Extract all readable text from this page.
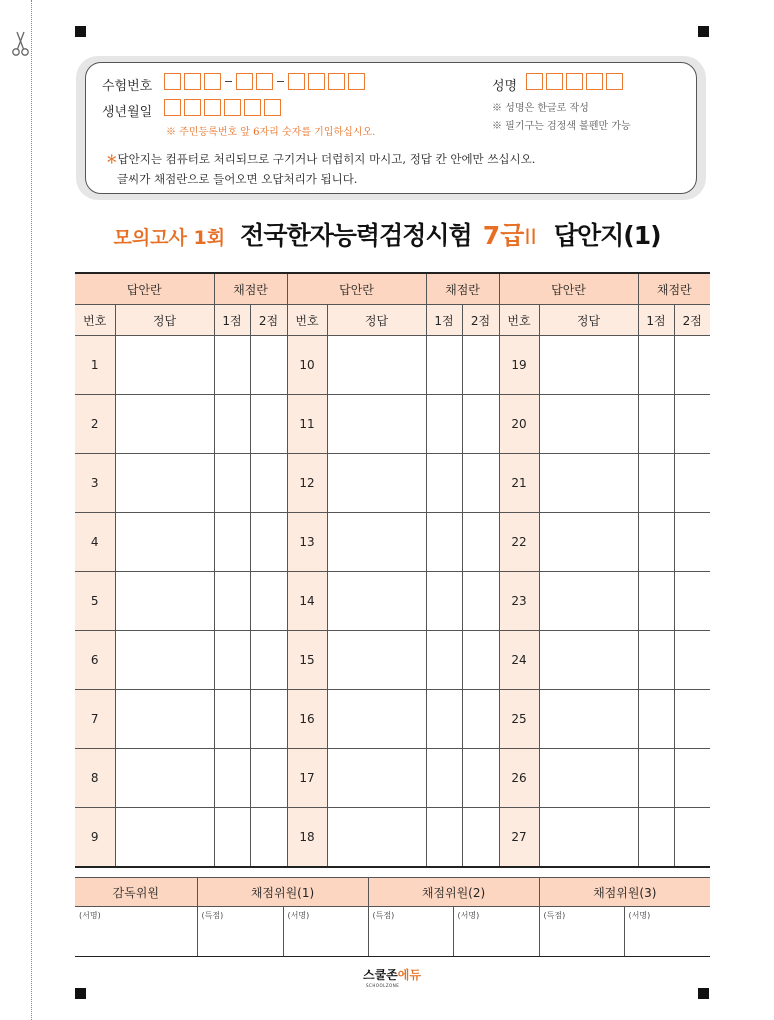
수험번호	성명
생년월일
※ 주민등록번호 앞 6자리 숫자를 기입하십시오.
※ 성명은 한글로 작성
※ 필기구는 검정색 볼펜만 가능
＊답안지는 컴퓨터로 처리되므로 구기거나 더럽히지 마시고, 정답 칸 안에만 쓰십시오.
글씨가 채점란으로 들어오면 오답처리가 됩니다.
모의고사 1회 전국한자능력검정시험 7급II 답안지(1)
답안란		채점란		답안란		채점란		답안란		채점란	
번호	정답	1점	2점	번호	정답	1점	2점	번호	정답	1점	2점
1				10				19			
2				11				20			
3				12				21			
4				13				22			
5				14				23			
6				15				24			
7				16				25			
8				17				26			
9				18				27			
감독위원	채점위원(1)		채점위원(2)		채점위원(3)	
(서명)	(득점)	(서명)	(득점)	(서명)	(득점)	(서명)
스쿨존에듀
SCHOOLZONE
